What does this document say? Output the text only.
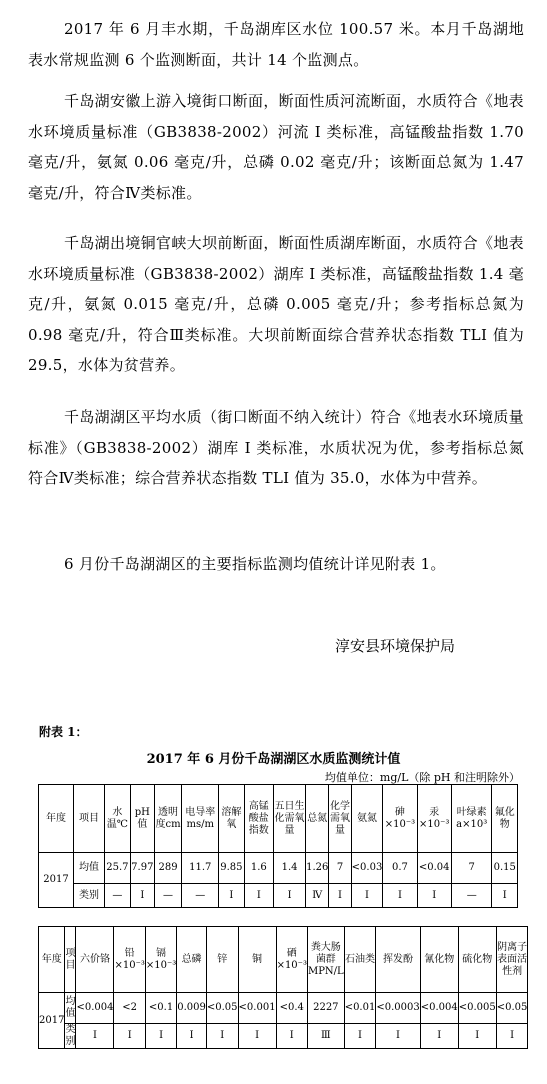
2017 年 6 月丰水期，千岛湖库区水位 100.57 米。本月千岛湖地表水常规监测 6 个监测断面，共计 14 个监测点。
千岛湖安徽上游入境街口断面，断面性质河流断面，水质符合《地表水环境质量标准（GB3838-2002）河流 I 类标准，高锰酸盐指数 1.70 毫克/升，氨氮 0.06 毫克/升，总磷 0.02 毫克/升；该断面总氮为 1.47 毫克/升，符合Ⅳ类标准。
千岛湖出境铜官峡大坝前断面，断面性质湖库断面，水质符合《地表水环境质量标准（GB3838-2002）湖库 I 类标准，高锰酸盐指数 1.4 毫克/升，氨氮 0.015 毫克/升，总磷 0.005 毫克/升；参考指标总氮为 0.98 毫克/升，符合Ⅲ类标准。大坝前断面综合营养状态指数 TLI 值为 29.5，水体为贫营养。
千岛湖湖区平均水质（街口断面不纳入统计）符合《地表水环境质量标准》（GB3838-2002）湖库 I 类标准，水质状况为优，参考指标总氮符合Ⅳ类标准；综合营养状态指数 TLI 值为 35.0，水体为中营养。
6 月份千岛湖湖区的主要指标监测均值统计详见附表 1。
淳安县环境保护局
附表 1：
2017 年 6 月份千岛湖湖区水质监测统计值
均值单位：mg/L（除 pH 和注明除外）
年度	项目	水温℃	pH值	透明度cm	电导率ms/m	溶解氧	高锰酸盐指数	五日生化需氧量	总氮	化学需氧量	氨氮	砷×10⁻³	汞×10⁻³	叶绿素a×10³	氟化物
2017	均值	25.7	7.97	289	11.7	9.85	1.6	1.4	1.26	7	<0.03	0.7	<0.04	7	0.15
	类别	—	I	—	—	I	I	I	Ⅳ	I	I	I	I	—	I
年度	项目	六价铬	铅×10⁻³	镉×10⁻³	总磷	锌	铜	硒×10⁻³	粪大肠菌群MPN/L	石油类	挥发酚	氰化物	硫化物	阴离子表面活性剂
2017	均值	<0.004	<2	<0.1	0.009	<0.05	<0.001	<0.4	2227	<0.01	<0.0003	<0.004	<0.005	<0.05
	类别	I	I	I	I	I	I	I	Ⅲ	I	I	I	I	I
